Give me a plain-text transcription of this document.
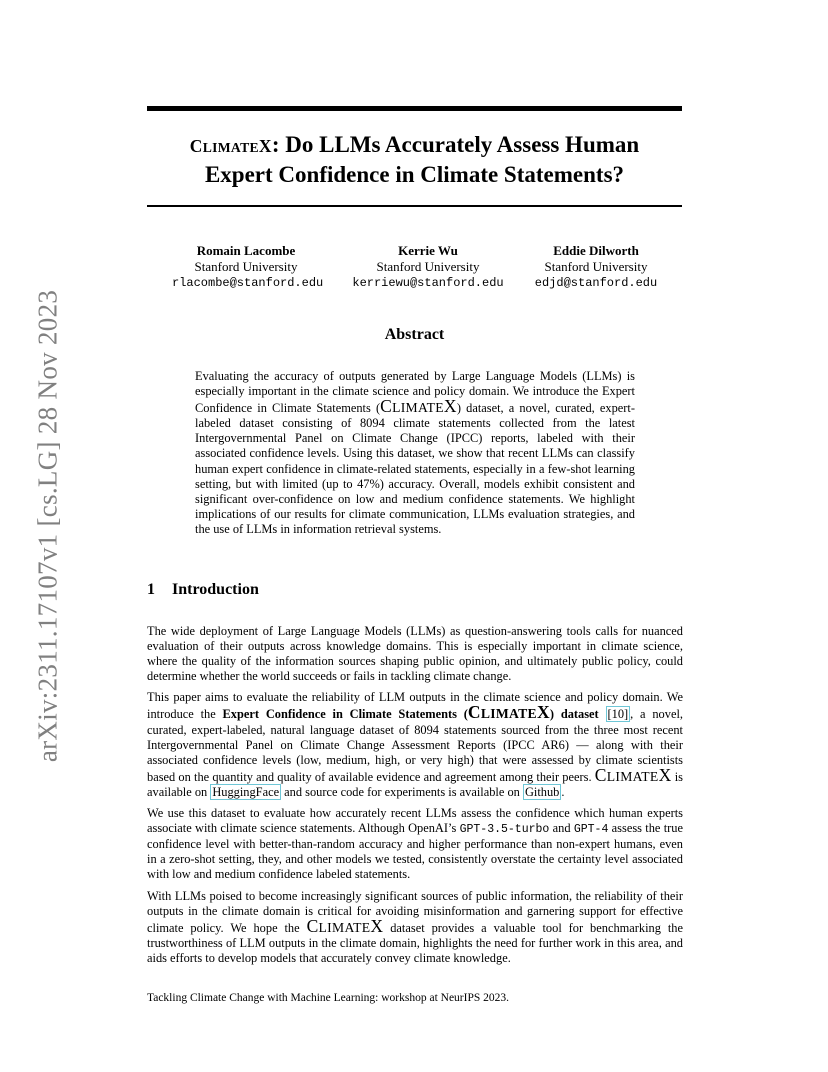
arXiv:2311.17107v1 [cs.LG] 28 Nov 2023
CLIMATEX: Do LLMs Accurately Assess Human
Expert Confidence in Climate Statements?
Romain Lacombe
Stanford University
rlacombe@stanford.edu
Kerrie Wu
Stanford University
kerriewu@stanford.edu
Eddie Dilworth
Stanford University
edjd@stanford.edu
Abstract
Evaluating the accuracy of outputs generated by Large Language Models (LLMs) is especially important in the climate science and policy domain. We introduce the Expert Confidence in Climate Statements (CLIMATEX) dataset, a novel, curated, expert-labeled dataset consisting of 8094 climate statements collected from the latest Intergovernmental Panel on Climate Change (IPCC) reports, labeled with their associated confidence levels. Using this dataset, we show that recent LLMs can classify human expert confidence in climate-related statements, especially in a few-shot learning setting, but with limited (up to 47%) accuracy. Overall, models exhibit consistent and significant over-confidence on low and medium confidence statements. We highlight implications of our results for climate communication, LLMs evaluation strategies, and the use of LLMs in information retrieval systems.
1 Introduction

The wide deployment of Large Language Models (LLMs) as question-answering tools calls for nuanced evaluation of their outputs across knowledge domains. This is especially important in climate science, where the quality of the information sources shaping public opinion, and ultimately public policy, could determine whether the world succeeds or fails in tackling climate change.

This paper aims to evaluate the reliability of LLM outputs in the climate science and policy domain. We introduce the Expert Confidence in Climate Statements (CLIMATEX) dataset [10] , a novel, curated, expert-labeled, natural language dataset of 8094 statements sourced from the three most recent Intergovernmental Panel on Climate Change Assessment Reports (IPCC AR6) — along with their associated confidence levels (low, medium, high, or very high) that were assessed by climate scientists based on the quantity and quality of available evidence and agreement among their peers. CLIMATEX is available on HuggingFace and source code for experiments is available on Github .

We use this dataset to evaluate how accurately recent LLMs assess the confidence which human experts associate with climate science statements. Although OpenAI’s GPT-3.5-turbo and GPT-4 assess the true confidence level with better-than-random accuracy and higher performance than non-expert humans, even in a zero-shot setting, they, and other models we tested, consistently overstate the certainty level associated with low and medium confidence labeled statements.

With LLMs poised to become increasingly significant sources of public information, the reliability of their outputs in the climate domain is critical for avoiding misinformation and garnering support for effective climate policy. We hope the CLIMATEX dataset provides a valuable tool for benchmarking the trustworthiness of LLM outputs in the climate domain, highlights the need for further work in this area, and aids efforts to develop models that accurately convey climate knowledge.

Tackling Climate Change with Machine Learning: workshop at NeurIPS 2023.
